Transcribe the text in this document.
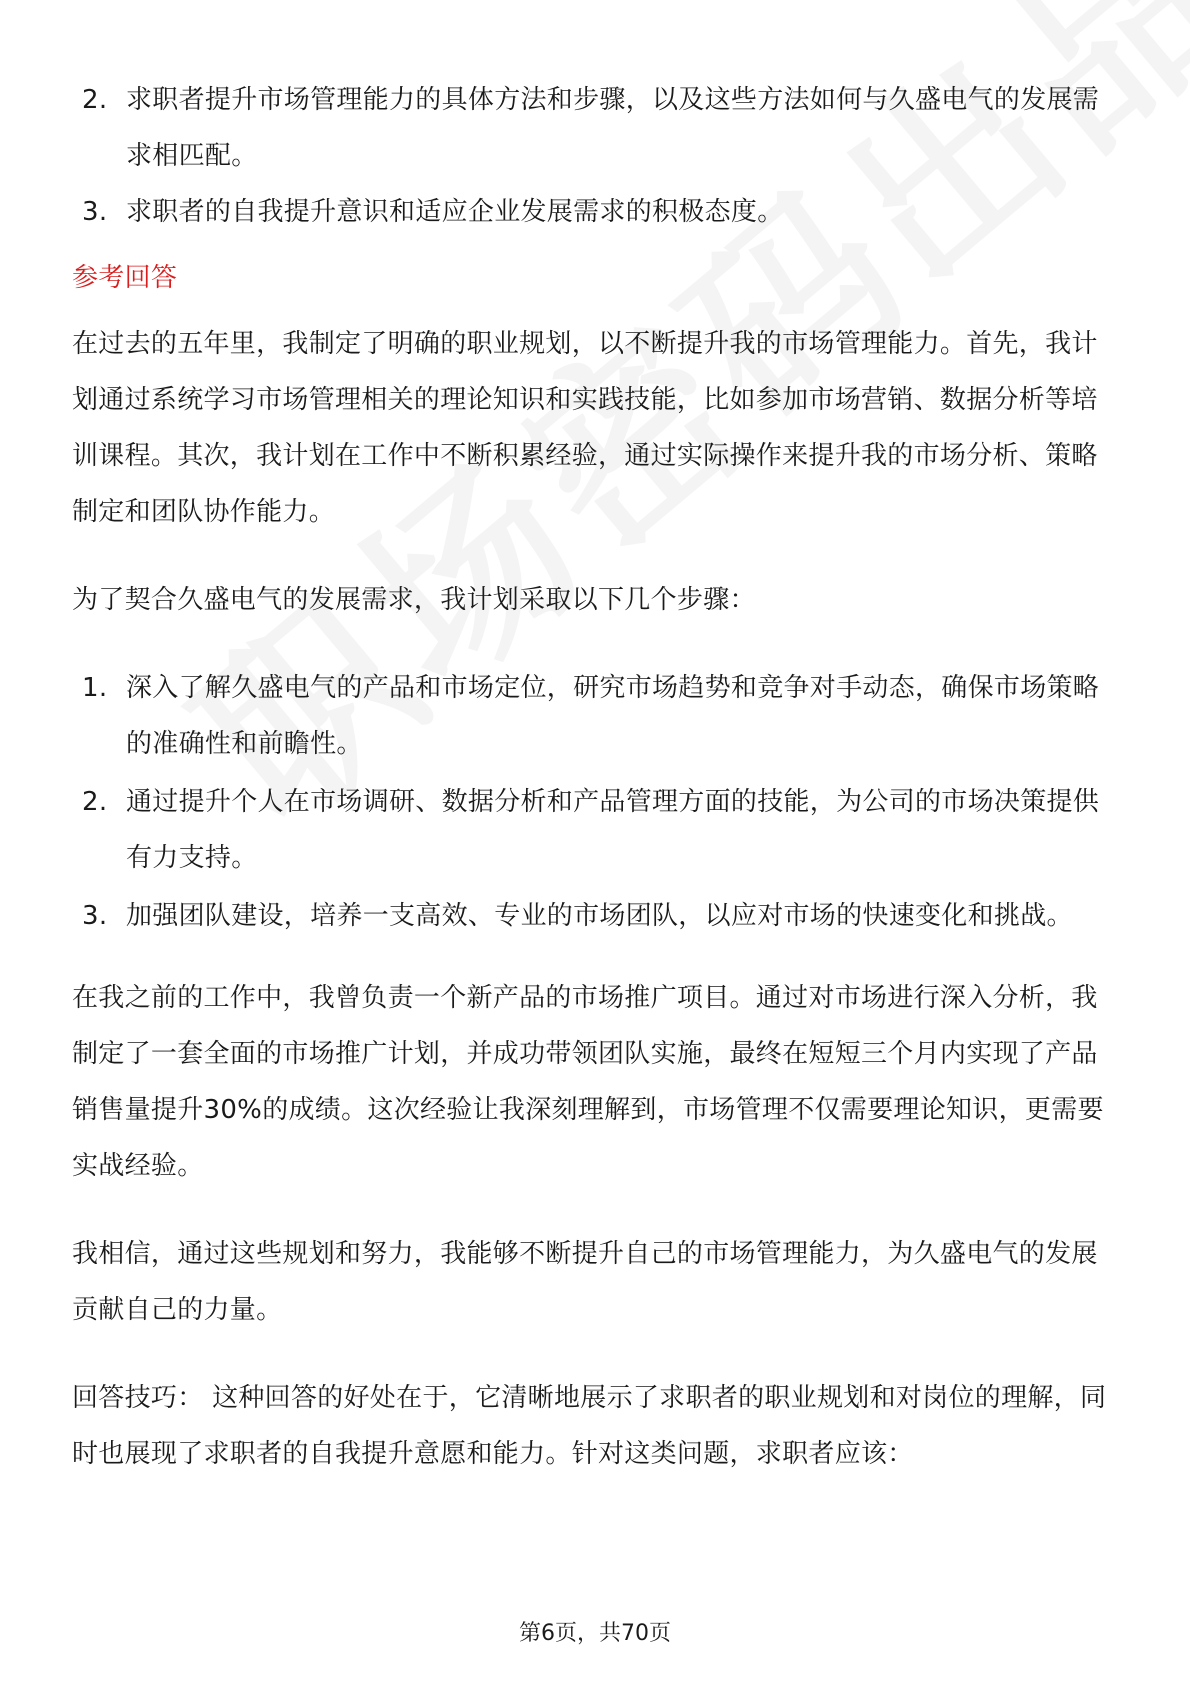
2. 求职者提升市场管理能力的具体方法和步骤，以及这些方法如何与久盛电气的发展需求相匹配。
3. 求职者的自我提升意识和适应企业发展需求的积极态度。
参考回答

在过去的五年里，我制定了明确的职业规划，以不断提升我的市场管理能力。首先，我计划通过系统学习市场管理相关的理论知识和实践技能，比如参加市场营销、数据分析等培训课程。其次，我计划在工作中不断积累经验，通过实际操作来提升我的市场分析、策略制定和团队协作能力。

为了契合久盛电气的发展需求，我计划采取以下几个步骤：

1. 深入了解久盛电气的产品和市场定位，研究市场趋势和竞争对手动态，确保市场策略的准确性和前瞻性。
2. 通过提升个人在市场调研、数据分析和产品管理方面的技能，为公司的市场决策提供有力支持。
3. 加强团队建设，培养一支高效、专业的市场团队，以应对市场的快速变化和挑战。

在我之前的工作中，我曾负责一个新产品的市场推广项目。通过对市场进行深入分析，我制定了一套全面的市场推广计划，并成功带领团队实施，最终在短短三个月内实现了产品销售量提升30%的成绩。这次经验让我深刻理解到，市场管理不仅需要理论知识，更需要实战经验。

我相信，通过这些规划和努力，我能够不断提升自己的市场管理能力，为久盛电气的发展贡献自己的力量。

回答技巧： 这种回答的好处在于，它清晰地展示了求职者的职业规划和对岗位的理解，同时也展现了求职者的自我提升意愿和能力。针对这类问题，求职者应该：

第6页，共70页
